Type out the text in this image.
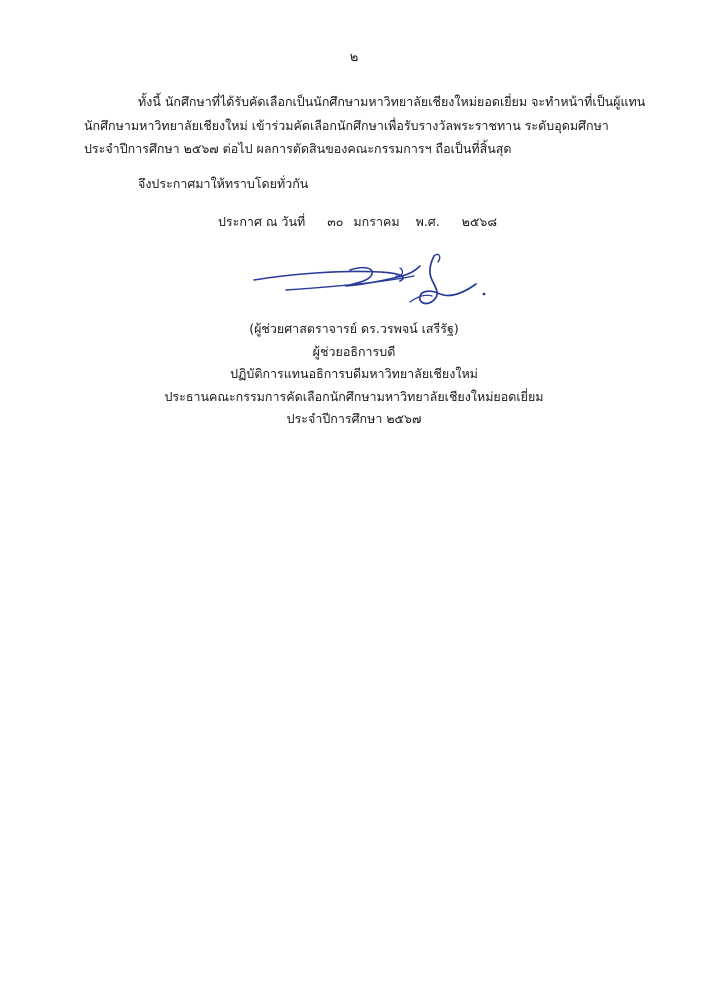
๒
ทั้งนี้ นักศึกษาที่ได้รับคัดเลือกเป็นนักศึกษามหาวิทยาลัยเชียงใหม่ยอดเยี่ยม จะทำหน้าที่เป็นผู้แทน
นักศึกษามหาวิทยาลัยเชียงใหม่ เข้าร่วมคัดเลือกนักศึกษาเพื่อรับรางวัลพระราชทาน ระดับอุดมศึกษา
ประจำปีการศึกษา ๒๕๖๗ ต่อไป ผลการตัดสินของคณะกรรมการฯ ถือเป็นที่สิ้นสุด
จึงประกาศมาให้ทราบโดยทั่วกัน
ประกาศ ณ วันที่ ๓๐ มกราคม พ.ศ. ๒๕๖๘
(ผู้ช่วยศาสตราจารย์ ดร.วรพจน์ เสรีรัฐ)
ผู้ช่วยอธิการบดี
ปฏิบัติการแทนอธิการบดีมหาวิทยาลัยเชียงใหม่
ประธานคณะกรรมการคัดเลือกนักศึกษามหาวิทยาลัยเชียงใหม่ยอดเยี่ยม
ประจำปีการศึกษา ๒๕๖๗
